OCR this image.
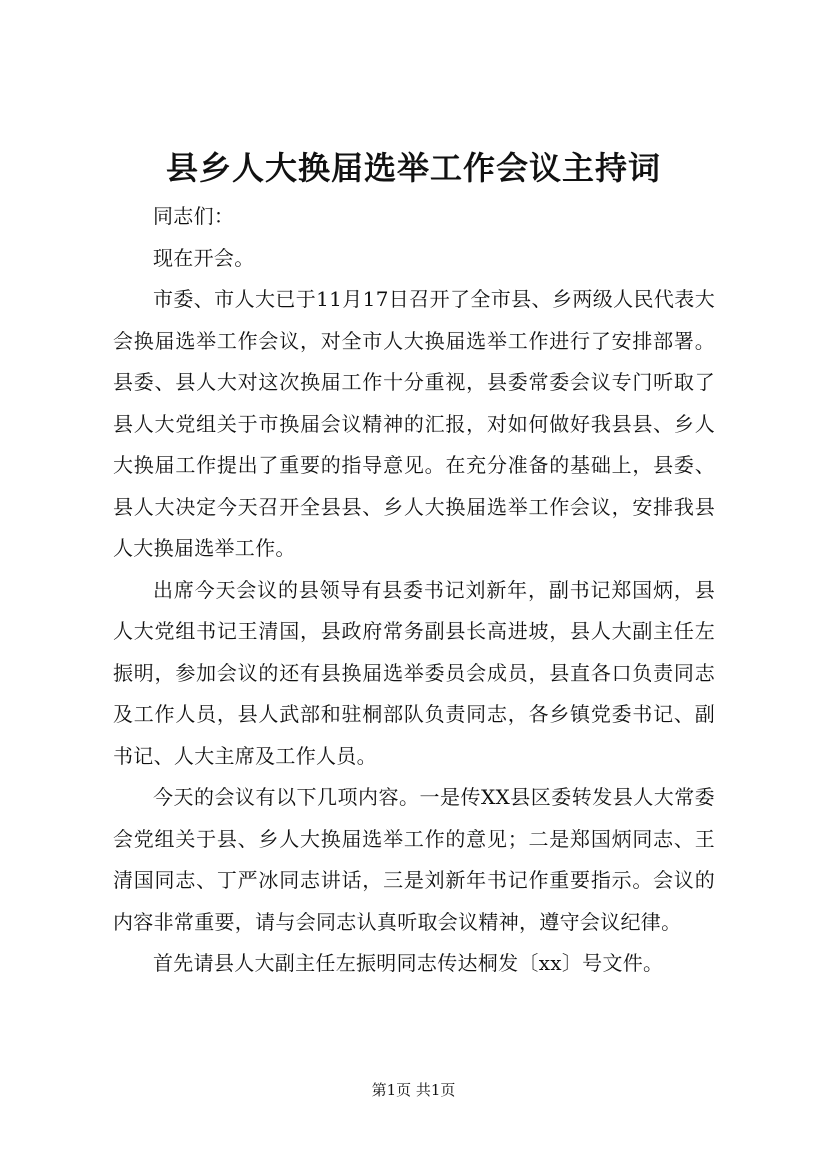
县乡人大换届选举工作会议主持词

同志们：

现在开会。

市委、市人大已于11月17日召开了全市县、乡两级人民代表大会换届选举工作会议，对全市人大换届选举工作进行了安排部署。县委、县人大对这次换届工作十分重视，县委常委会议专门听取了县人大党组关于市换届会议精神的汇报，对如何做好我县县、乡人大换届工作提出了重要的指导意见。在充分准备的基础上，县委、县人大决定今天召开全县县、乡人大换届选举工作会议，安排我县人大换届选举工作。

出席今天会议的县领导有县委书记刘新年，副书记郑国炳，县人大党组书记王清国，县政府常务副县长高进坡，县人大副主任左振明，参加会议的还有县换届选举委员会成员，县直各口负责同志及工作人员，县人武部和驻桐部队负责同志，各乡镇党委书记、副书记、人大主席及工作人员。

今天的会议有以下几项内容。一是传XX县区委转发县人大常委会党组关于县、乡人大换届选举工作的意见；二是郑国炳同志、王清国同志、丁严冰同志讲话，三是刘新年书记作重要指示。会议的内容非常重要，请与会同志认真听取会议精神，遵守会议纪律。

首先请县人大副主任左振明同志传达桐发〔xx〕号文件。

第1页 共1页
